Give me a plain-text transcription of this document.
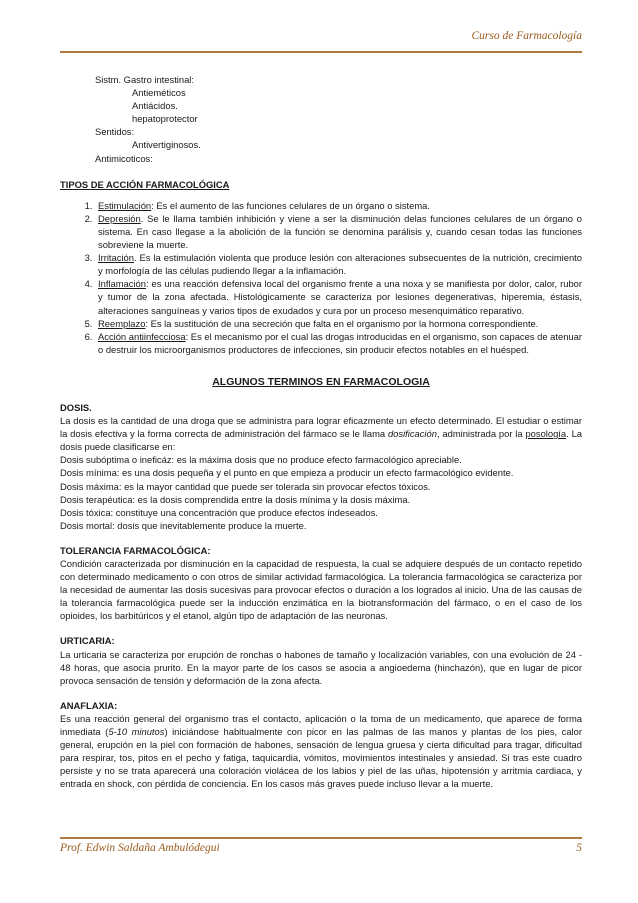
Curso de Farmacología

Sistm. Gastro intestinal:

Antieméticos

Antiácidos.

hepatoprotector

Sentidos:

Antivertiginosos.

Antimicoticos:

TIPOS DE ACCIÓN FARMACOLÓGICA
1. Estimulación: Es el aumento de las funciones celulares de un órgano o sistema.
2. Depresión. Se le llama también inhibición y viene a ser la disminución delas funciones celulares de un órgano o sistema. En caso llegase a la abolición de la función se denomina parálisis y, cuando cesan todas las funciones sobreviene la muerte.
3. Irritación. Es la estimulación violenta que produce lesión con alteraciones subsecuentes de la nutrición, crecimiento y morfología de las células pudiendo llegar a la inflamación.
4. Inflamación: es una reacción defensiva local del organismo frente a una noxa y se manifiesta por dolor, calor, rubor y tumor de la zona afectada. Histológicamente se caracteriza por lesiones degenerativas, hiperemia, éstasis, alteraciones sanguíneas y varios tipos de exudados y cura por un proceso mesenquimático reparativo.
5. Reemplazo: Es la sustitución de una secreción que falta en el organismo por la hormona correspondiente.
6. Acción antiinfecciosa: Es el mecanismo por el cual las drogas introducidas en el organismo, son capaces de atenuar o destruir los microorganismos productores de infecciones, sin producir efectos notables en el huésped.
ALGUNOS TERMINOS EN FARMACOLOGIA
DOSIS.

La dosis es la cantidad de una droga que se administra para lograr eficazmente un efecto determinado. El estudiar o estimar la dosis efectiva y la forma correcta de administración del fármaco se le llama dosificación, administrada por la posología. La dosis puede clasificarse en:

Dosis subóptima o ineficáz: es la máxima dosis que no produce efecto farmacológico apreciable.

Dosis mínima: es una dosis pequeña y el punto en que empieza a producir un efecto farmacológico evidente.

Dosis máxima: es la mayor cantidad que puede ser tolerada sin provocar efectos tóxicos.

Dosis terapéutica: es la dosis comprendida entre la dosis mínima y la dosis máxima.

Dosis tóxica: constituye una concentración que produce efectos indeseados.

Dosis mortal: dosis que inevitablemente produce la muerte.

TOLERANCIA FARMACOLÓGICA:

Condición caracterizada por disminución en la capacidad de respuesta, la cual se adquiere después de un contacto repetido con determinado medicamento o con otros de similar actividad farmacológica. La tolerancia farmacológica se caracteriza por la necesidad de aumentar las dosis sucesivas para provocar efectos o duración a los logrados al inicio. Una de las causas de la tolerancia farmacológica puede ser la inducción enzimática en la biotransformación del fármaco, o en el caso de los opioides, los barbitúricos y el etanol, algún tipo de adaptación de las neuronas.

URTICARIA:

La urticaria se caracteriza por erupción de ronchas o habones de tamaño y localización variables, con una evolución de 24 - 48 horas, que asocia prurito. En la mayor parte de los casos se asocia a angioedema (hinchazón), que en lugar de picor provoca sensación de tensión y deformación de la zona afecta.

ANAFLAXIA:

Es una reacción general del organismo tras el contacto, aplicación o la toma de un medicamento, que aparece de forma inmediata (5-10 minutos) iniciándose habitualmente con picor en las palmas de las manos y plantas de los pies, calor general, erupción en la piel con formación de habones, sensación de lengua gruesa y cierta dificultad para tragar, dificultad para respirar, tos, pitos en el pecho y fatiga, taquicardia, vómitos, movimientos intestinales y ansiedad. Si tras este cuadro persiste y no se trata aparecerá una coloración violácea de los labios y piel de las uñas, hipotensión y arritmia cardiaca, y entrada en shock, con pérdida de conciencia. En los casos más graves puede incluso llevar a la muerte.

Prof. Edwin Saldaña Ambulódegui	5
